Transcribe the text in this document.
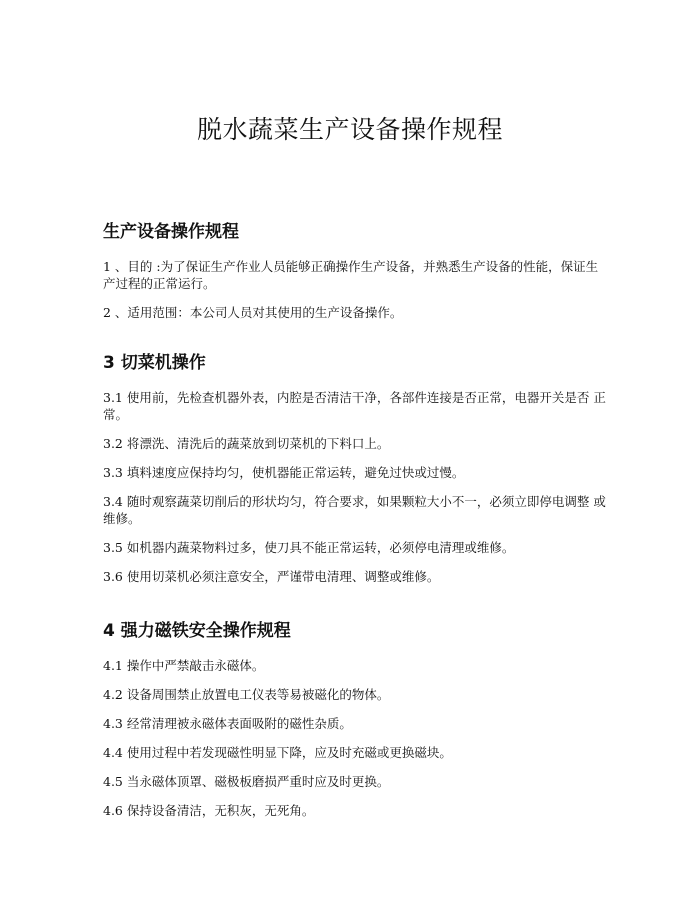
脱水蔬菜生产设备操作规程
生产设备操作规程

1 、目的 :为了保证生产作业人员能够正确操作生产设备，并熟悉生产设备的性能，保证生 产过程的正常运行。

2 、适用范围：本公司人员对其使用的生产设备操作。

3 切菜机操作

3.1 使用前，先检查机器外表，内腔是否清洁干净，各部件连接是否正常，电器开关是否 正常。

3.2 将漂洗、清洗后的蔬菜放到切菜机的下料口上。

3.3 填料速度应保持均匀，使机器能正常运转，避免过快或过慢。

3.4 随时观察蔬菜切削后的形状均匀，符合要求，如果颗粒大小不一，必须立即停电调整 或维修。

3.5 如机器内蔬菜物料过多，使刀具不能正常运转，必须停电清理或维修。

3.6 使用切菜机必须注意安全，严谨带电清理、调整或维修。

4 强力磁铁安全操作规程

4.1 操作中严禁敲击永磁体。

4.2 设备周围禁止放置电工仪表等易被磁化的物体。

4.3 经常清理被永磁体表面吸附的磁性杂质。

4.4 使用过程中若发现磁性明显下降，应及时充磁或更换磁块。

4.5 当永磁体顶罩、磁极板磨损严重时应及时更换。

4.6 保持设备清洁，无积灰，无死角。
